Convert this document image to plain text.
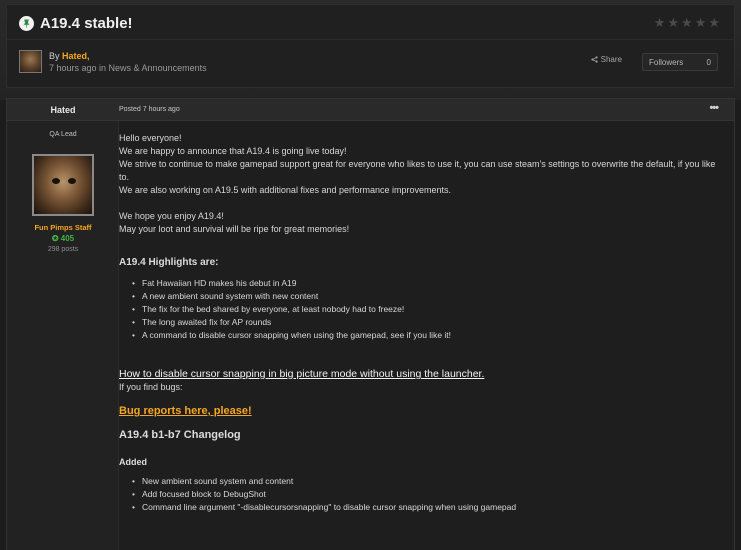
A19.4 stable!	★ ★ ★ ★ ★
By Hated,
7 hours ago in News & Announcements
Share	Followers	0
Hated	Posted 7 hours ago	•••
QA Lead
Fun Pimps Staff
✪ 405
298 posts

Hello everyone!

We are happy to announce that A19.4 is going live today!

We strive to continue to make gamepad support great for everyone who likes to use it, you can use steam's settings to overwrite the default, if you like to.

We are also working on A19.5 with additional fixes and performance improvements.

We hope you enjoy A19.4!

May your loot and survival will be ripe for great memories!

A19.4 Highlights are:
• Fat Hawaiian HD makes his debut in A19
• A new ambient sound system with new content
• The fix for the bed shared by everyone, at least nobody had to freeze!
• The long awaited fix for AP rounds
• A command to disable cursor snapping when using the gamepad, see if you like it!
How to disable cursor snapping in big picture mode without using the launcher.

If you find bugs:

Bug reports here, please!
A19.4 b1-b7 Changelog
Added
• New ambient sound system and content
• Add focused block to DebugShot
• Command line argument "-disablecursorsnapping" to disable cursor snapping when using gamepad
